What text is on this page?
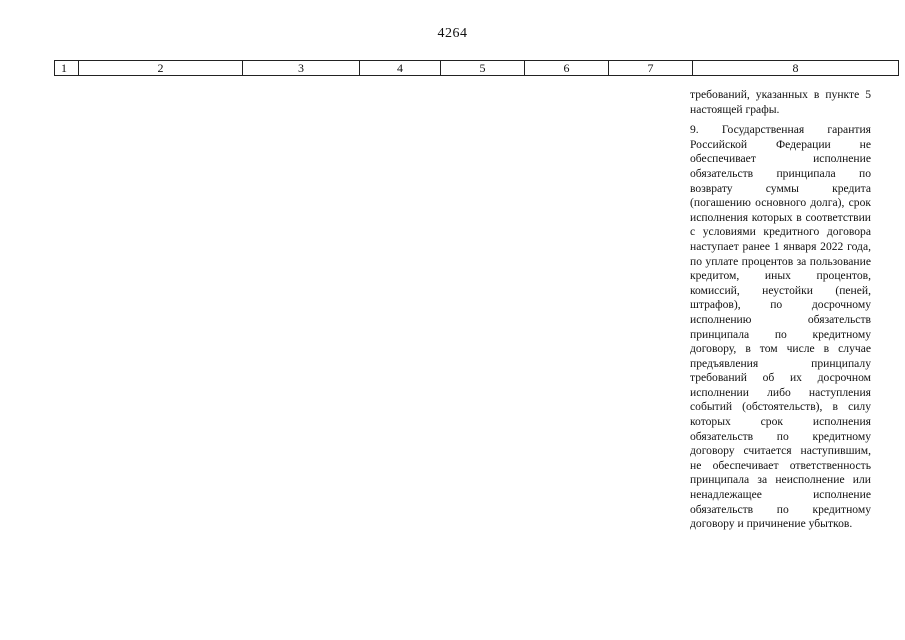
4264
1	2	3	4	5	6	7	8

требований, указанных в пункте 5 настоящей графы.

9. Государственная гарантия Российской Федерации не обеспечивает исполнение обязательств принципала по возврату суммы кредита (погашению основного долга), срок исполнения которых в соответствии с условиями кредитного договора наступает ранее 1 января 2022 года, по уплате процентов за пользование кредитом, иных процентов, комиссий, неустойки (пеней, штрафов), по досрочному исполнению обязательств принципала по кредитному договору, в том числе в случае предъявления принципалу требований об их досрочном исполнении либо наступления событий (обстоятельств), в силу которых срок исполнения обязательств по кредитному договору считается наступившим, не обеспечивает ответственность принципала за неисполнение или ненадлежащее исполнение обязательств по кредитному договору и причинение убытков.
